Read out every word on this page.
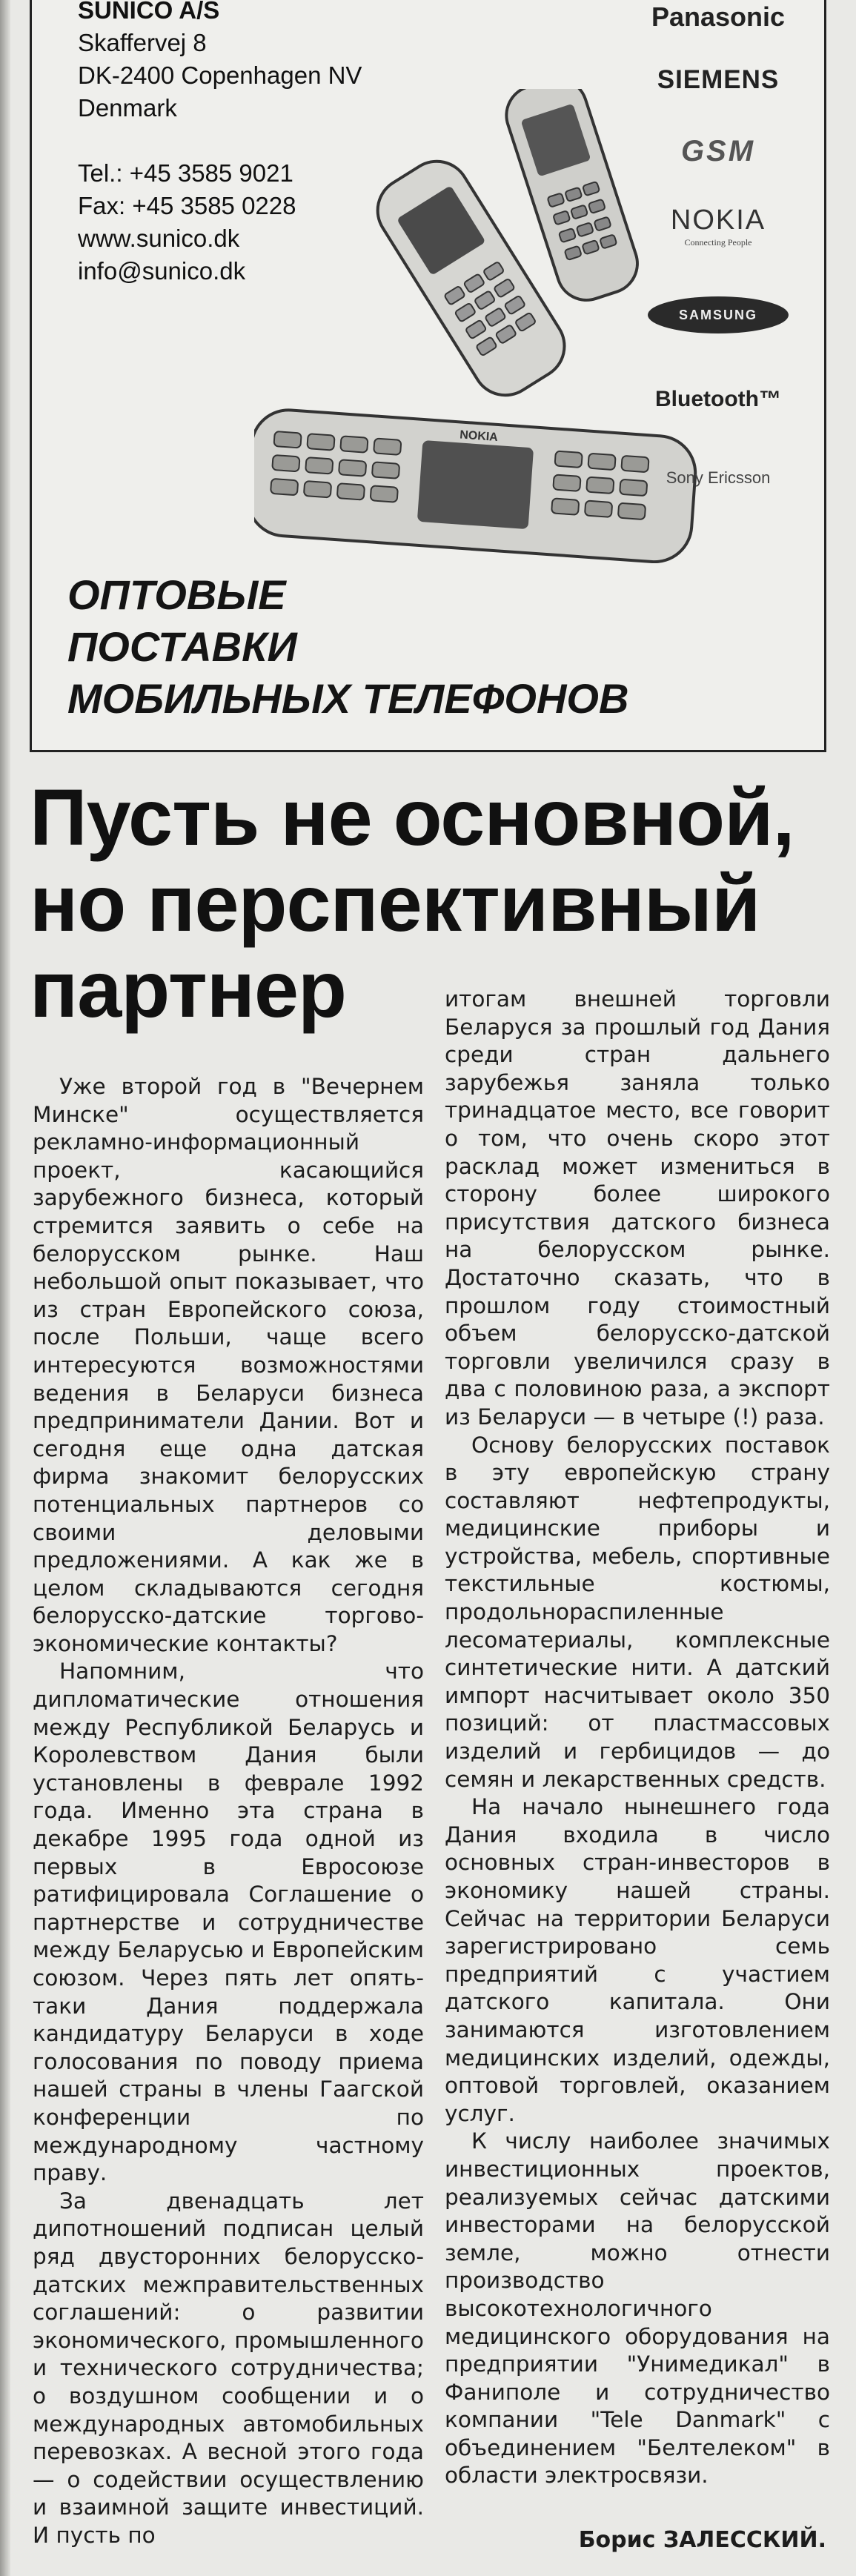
SUNICO A/S
Skaffervej 8
DK-2400 Copenhagen NV
Denmark
Tel.: +45 3585 9021
Fax: +45 3585 0228
www.sunico.dk
info@sunico.dk
NOKIA
Panasonic
SIEMENS
GSM
NOKIA
Connecting People
SAMSUNG
Bluetooth™
Sony Ericsson
ОПТОВЫЕ
ПОСТАВКИ
МОБИЛЬНЫХ ТЕЛЕФОНОВ
Пусть не основной,
но перспективный
партнер

Уже второй год в "Вечернем Минске" осуществляется рекламно-информационный проект, касающийся зарубежного бизнеса, который стремится заявить о себе на белорусском рынке. Наш небольшой опыт показывает, что из стран Европейского союза, после Польши, чаще всего интересуются возможностями ведения в Беларуси бизнеса предприниматели Дании. Вот и сегодня еще одна датская фирма знакомит белорусских потенциальных партнеров со своими деловыми предложениями. А как же в целом складываются сегодня белорусско-датские торгово-экономические контакты?

Напомним, что дипломатические отношения между Республикой Беларусь и Королевством Дания были установлены в феврале 1992 года. Именно эта страна в декабре 1995 года одной из первых в Евросоюзе ратифицировала Соглашение о партнерстве и сотрудничестве между Беларусью и Европейским союзом. Через пять лет опять-таки Дания поддержала кандидатуру Беларуси в ходе голосования по поводу приема нашей страны в члены Гаагской конференции по международному частному праву.

За двенадцать лет дипотношений подписан целый ряд двусторонних белорусско-датских межправительственных соглашений: о развитии экономического, промышленного и технического сотрудничества; о воздушном сообщении и о международных автомобильных перевозках. А весной этого года — о содействии осуществлению и взаимной защите инвестиций. И пусть по

итогам внешней торговли Беларуся за прошлый год Дания среди стран дальнего зарубежья заняла только тринадцатое место, все говорит о том, что очень скоро этот расклад может измениться в сторону более широкого присутствия датского бизнеса на белорусском рынке. Достаточно сказать, что в прошлом году стоимостный объем белорусско-датской торговли увеличился сразу в два с половиною раза, а экспорт из Беларуси — в четыре (!) раза.

Основу белорусских поставок в эту европейскую страну составляют нефтепродукты, медицинские приборы и устройства, мебель, спортивные текстильные костюмы, продольнораспиленные лесоматериалы, комплексные синтетические нити. А датский импорт насчитывает около 350 позиций: от пластмассовых изделий и гербицидов — до семян и лекарственных средств.

На начало нынешнего года Дания входила в число основных стран-инвесторов в экономику нашей страны. Сейчас на территории Беларуси зарегистрировано семь предприятий с участием датского капитала. Они занимаются изготовлением медицинских изделий, одежды, оптовой торговлей, оказанием услуг.

К числу наиболее значимых инвестиционных проектов, реализуемых сейчас датскими инвесторами на белорусской земле, можно отнести производство высокотехнологичного медицинского оборудования на предприятии "Унимедикал" в Фаниполе и сотрудничество компании "Tele Danmark" с объединением "Белтелеком" в области электросвязи.

Борис ЗАЛЕССКИЙ.
